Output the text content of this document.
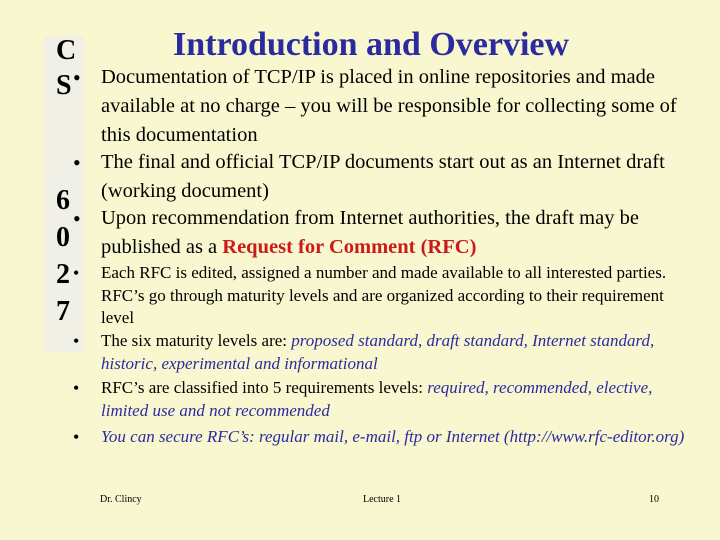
C
S
6
0
2
7
Introduction and Overview
• Documentation of TCP/IP is placed in online repositories and made available at no charge – you will be responsible for collecting some of this documentation
• The final and official TCP/IP documents start out as an Internet draft (working document)
• Upon recommendation from Internet authorities, the draft may be published as a Request for Comment (RFC)
• Each RFC is edited, assigned a number and made available to all interested parties. RFC’s go through maturity levels and are organized according to their requirement level
• The six maturity levels are: proposed standard, draft standard, Internet standard, historic, experimental and informational
• RFC’s are classified into 5 requirements levels: required, recommended, elective, limited use and not recommended
• You can secure RFC’s: regular mail, e-mail, ftp or Internet (http://www.rfc-editor.org)
Dr. Clincy	Lecture 1	10
